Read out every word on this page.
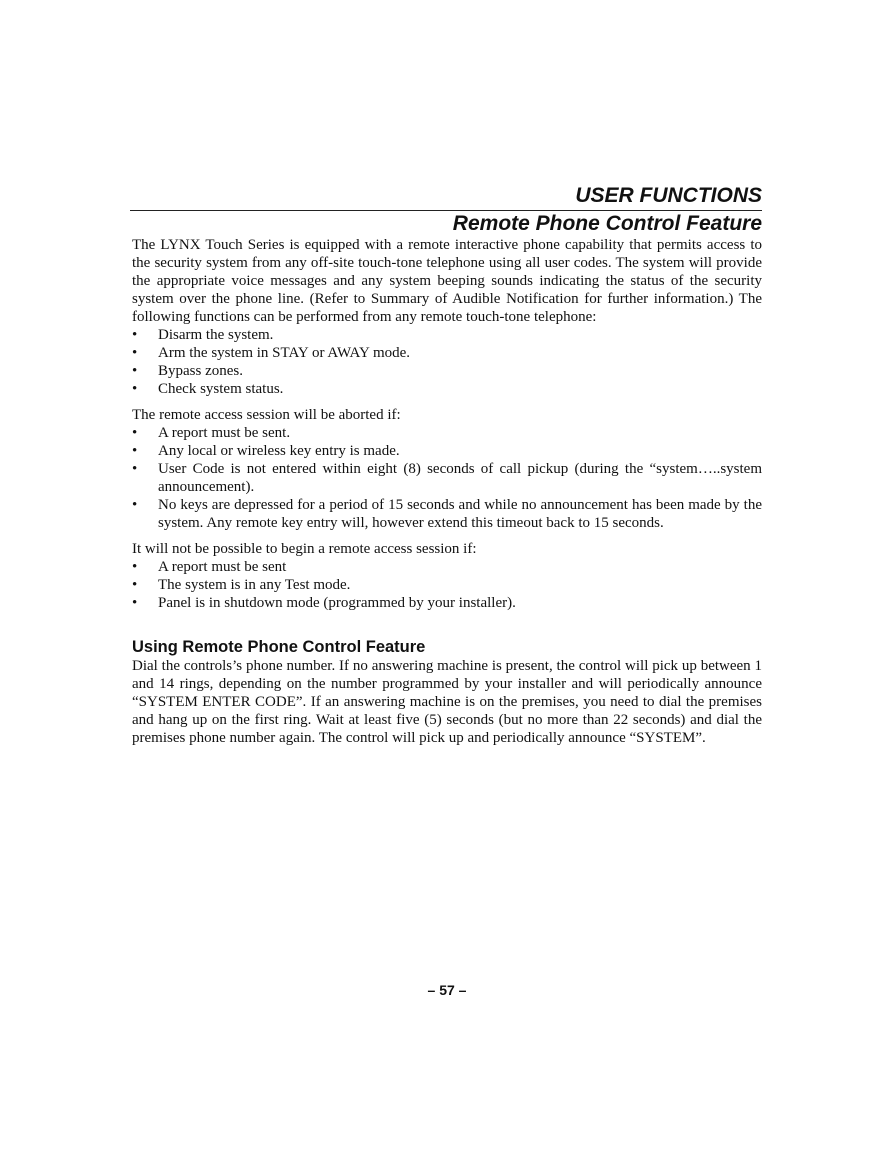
USER FUNCTIONS
Remote Phone Control Feature

The LYNX Touch Series is equipped with a remote interactive phone capability that permits access to the security system from any off-site touch-tone telephone using all user codes. The system will provide the appropriate voice messages and any system beeping sounds indicating the status of the security system over the phone line. (Refer to Summary of Audible Notification for further information.) The following functions can be performed from any remote touch-tone telephone:

• Disarm the system.
• Arm the system in STAY or AWAY mode.
• Bypass zones.
• Check system status.

The remote access session will be aborted if:

• A report must be sent.
• Any local or wireless key entry is made.
• User Code is not entered within eight (8) seconds of call pickup (during the “system…..system announcement).
• No keys are depressed for a period of 15 seconds and while no announcement has been made by the system. Any remote key entry will, however extend this timeout back to 15 seconds.

It will not be possible to begin a remote access session if:

• A report must be sent
• The system is in any Test mode.
• Panel is in shutdown mode (programmed by your installer).
Using Remote Phone Control Feature

Dial the controls’s phone number. If no answering machine is present, the control will pick up between 1 and 14 rings, depending on the number programmed by your installer and will periodically announce “SYSTEM ENTER CODE”. If an answering machine is on the premises, you need to dial the premises and hang up on the first ring. Wait at least five (5) seconds (but no more than 22 seconds) and dial the premises phone number again. The control will pick up and periodically announce “SYSTEM”.

– 57 –
